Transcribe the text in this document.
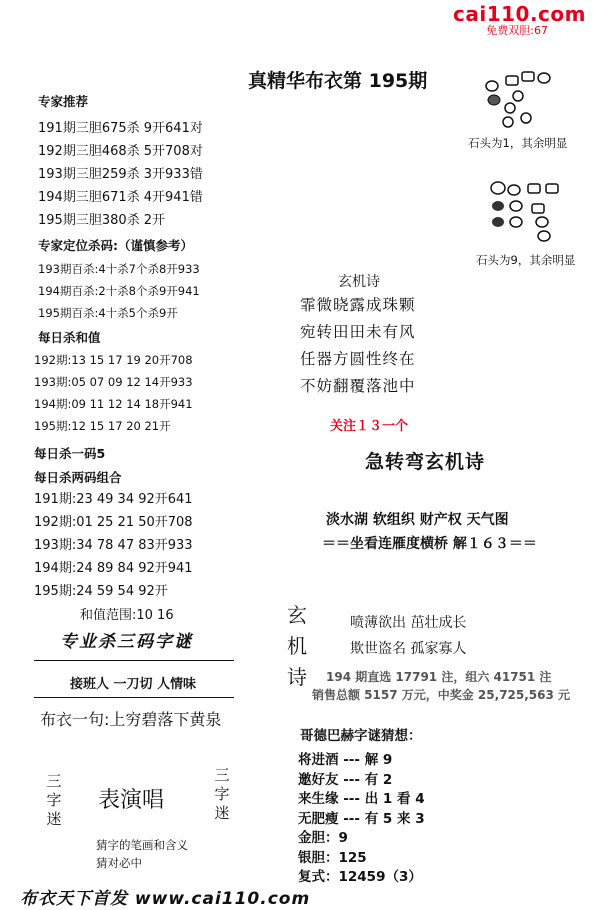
cai110.com
免费双胆:67
真精华布衣第 195期
专家推荐
191期三胆675杀 9开641对
192期三胆468杀 5开708对
193期三胆259杀 3开933错
194期三胆671杀 4开941错
195期三胆380杀 2开
专家定位杀码:（谨慎参考）
193期百杀:4十杀7个杀8开933
194期百杀:2十杀8个杀9开941
195期百杀:4十杀5个杀9开
每日杀和值
192期:13 15 17 19 20开708
193期:05 07 09 12 14开933
194期:09 11 12 14 18开941
195期:12 15 17 20 21开
每日杀一码5
每日杀两码组合
191期:23 49 34 92开641
192期:01 25 21 50开708
193期:34 78 47 83开933
194期:24 89 84 92开941
195期:24 59 54 92开
和值范围:10 16
专业杀三码字谜
接班人 一刀切 人情味
布衣一句:上穷碧落下黄泉
三字迷
表演唱
三字迷
猜字的笔画和含义
猜对必中
布衣天下首发 www.cai110.com
石头为1，其余明显
石头为9，其余明显
玄机诗
霏微晓露成珠颗
宛转田田未有风
任器方圆性终在
不妨翻覆落池中
关注１３一个
急转弯玄机诗
淡水湖 软组织 财产权 天气图
＝＝坐看连雁度横桥 解１６３＝＝
玄
机
诗
喷薄欲出 茁壮成长
欺世盗名 孤家寡人
194 期直选 17791 注，组六 41751 注
销售总额 5157 万元，中奖金 25,725,563 元
哥德巴赫字谜猜想：
将进酒 --- 解 9
邀好友 --- 有 2
来生缘 --- 出 1 看 4
无肥瘦 --- 有 5 来 3
金胆：9
银胆：125
复式：12459（3）
